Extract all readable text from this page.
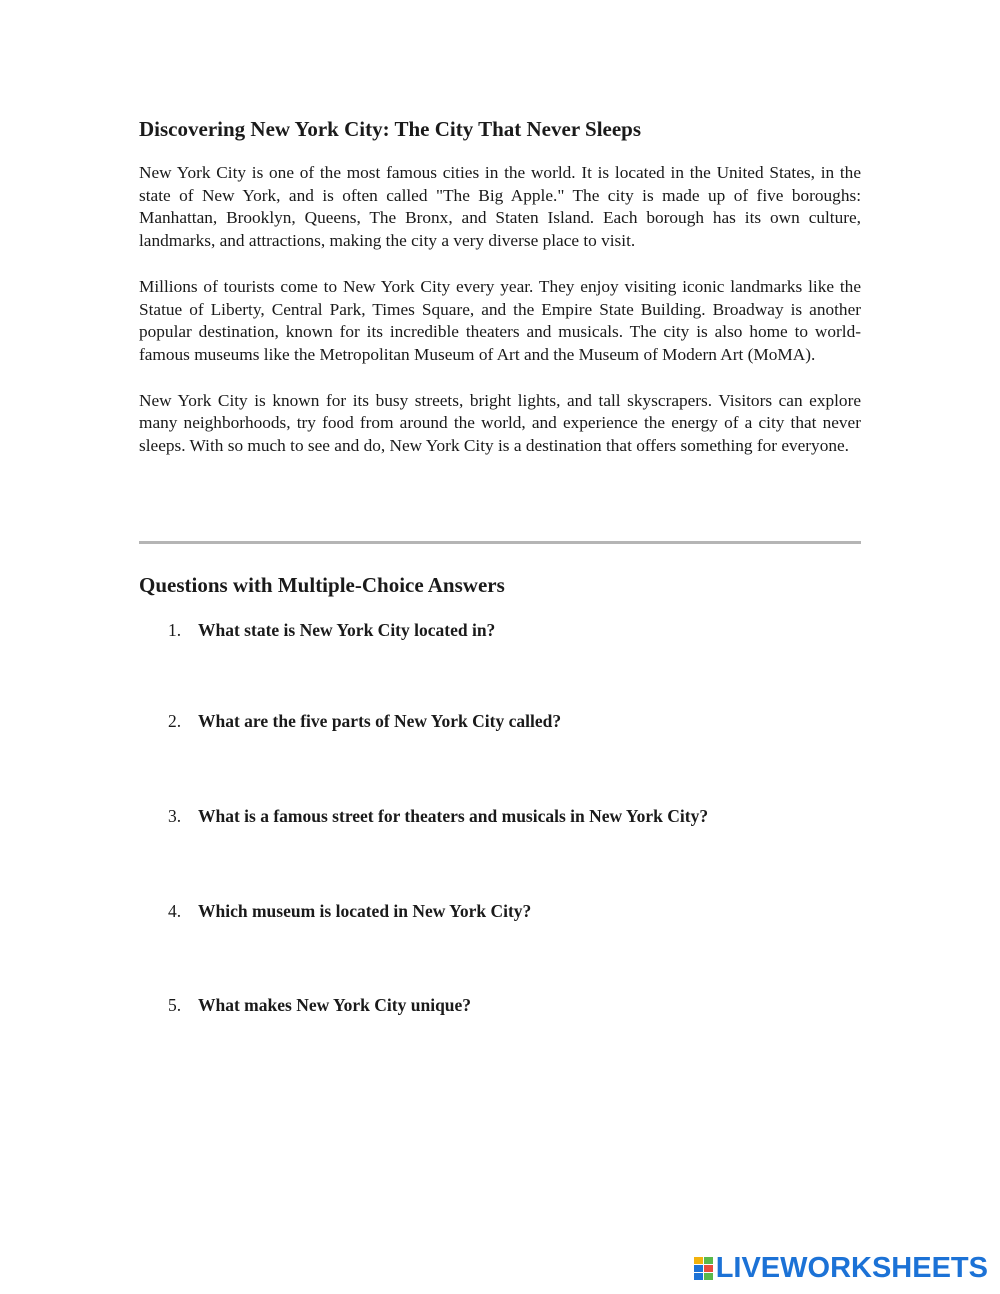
Discovering New York City: The City That Never Sleeps

New York City is one of the most famous cities in the world. It is located in the United States, in the state of New York, and is often called "The Big Apple." The city is made up of five boroughs: Manhattan, Brooklyn, Queens, The Bronx, and Staten Island. Each borough has its own culture, landmarks, and attractions, making the city a very diverse place to visit.

Millions of tourists come to New York City every year. They enjoy visiting iconic landmarks like the Statue of Liberty, Central Park, Times Square, and the Empire State Building. Broadway is another popular destination, known for its incredible theaters and musicals. The city is also home to world-famous museums like the Metropolitan Museum of Art and the Museum of Modern Art (MoMA).

New York City is known for its busy streets, bright lights, and tall skyscrapers. Visitors can explore many neighborhoods, try food from around the world, and experience the energy of a city that never sleeps. With so much to see and do, New York City is a destination that offers something for everyone.

Questions with Multiple-Choice Answers
1. What state is New York City located in?
2. What are the five parts of New York City called?
3. What is a famous street for theaters and musicals in New York City?
4. Which museum is located in New York City?
5. What makes New York City unique?
LIVEWORKSHEETS
